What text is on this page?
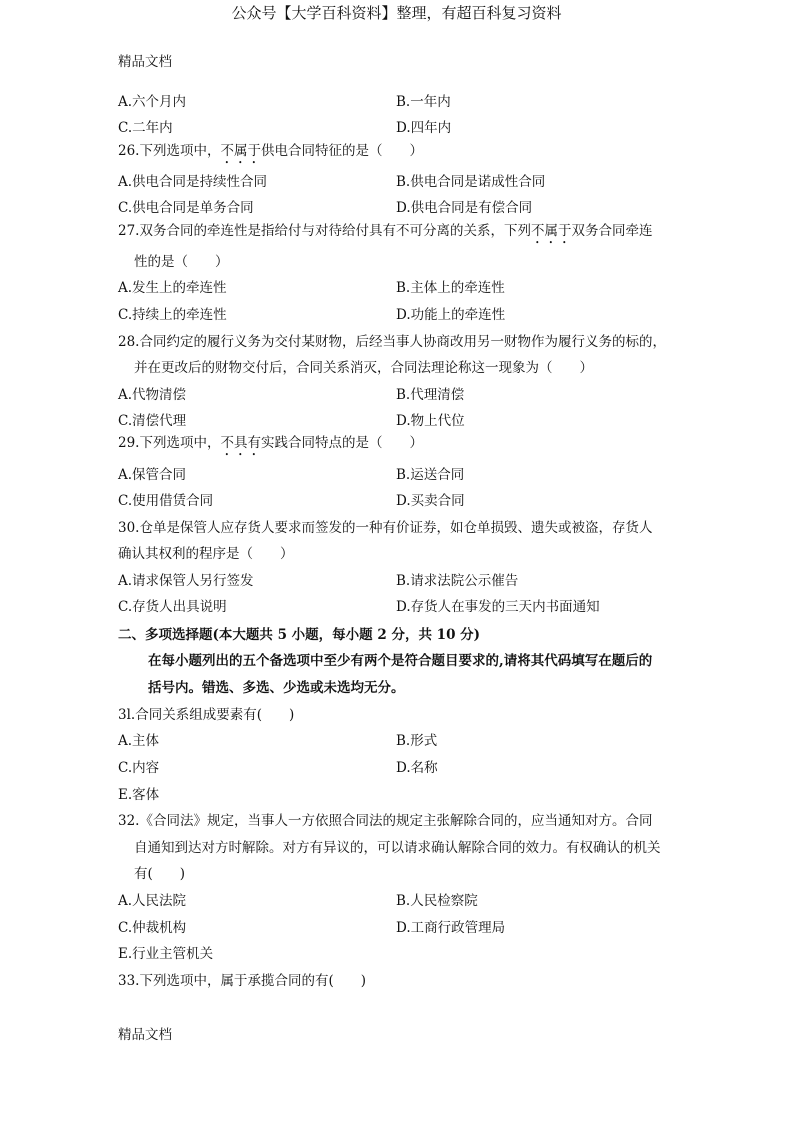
公众号【大学百科资料】整理，有超百科复习资料
精品文档
A.六个月内	B.一年内
C.二年内	D.四年内
26.下列选项中，不属于供电合同特征的是（　　）
A.供电合同是持续性合同	B.供电合同是诺成性合同
C.供电合同是单务合同	D.供电合同是有偿合同
27.双务合同的牵连性是指给付与对待给付具有不可分离的关系，下列不属于双务合同牵连
性的是（　　）
A.发生上的牵连性	B.主体上的牵连性
C.持续上的牵连性	D.功能上的牵连性
28.合同约定的履行义务为交付某财物，后经当事人协商改用另一财物作为履行义务的标的，
并在更改后的财物交付后，合同关系消灭，合同法理论称这一现象为（　　）
A.代物清偿	B.代理清偿
C.清偿代理	D.物上代位
29.下列选项中，不具有实践合同特点的是（　　）
A.保管合同	B.运送合同
C.使用借赁合同	D.买卖合同
30.仓单是保管人应存货人要求而签发的一种有价证券，如仓单损毁、遗失或被盗，存货人
确认其权利的程序是（　　）
A.请求保管人另行签发	B.请求法院公示催告
C.存货人出具说明	D.存货人在事发的三天内书面通知
二、多项选择题(本大题共 5 小题，每小题 2 分，共 10 分)
在每小题列出的五个备选项中至少有两个是符合题目要求的,请将其代码填写在题后的
括号内。错选、多选、少选或未选均无分。
3l.合同关系组成要素有(　　)
A.主体	B.形式
C.内容	D.名称
E.客体
32.《合同法》规定，当事人一方依照合同法的规定主张解除合同的，应当通知对方。合同
自通知到达对方时解除。对方有异议的，可以请求确认解除合同的效力。有权确认的机关
有(　　)
A.人民法院	B.人民检察院
C.仲裁机构	D.工商行政管理局
E.行业主管机关
33.下列选项中，属于承揽合同的有(　　)
精品文档
